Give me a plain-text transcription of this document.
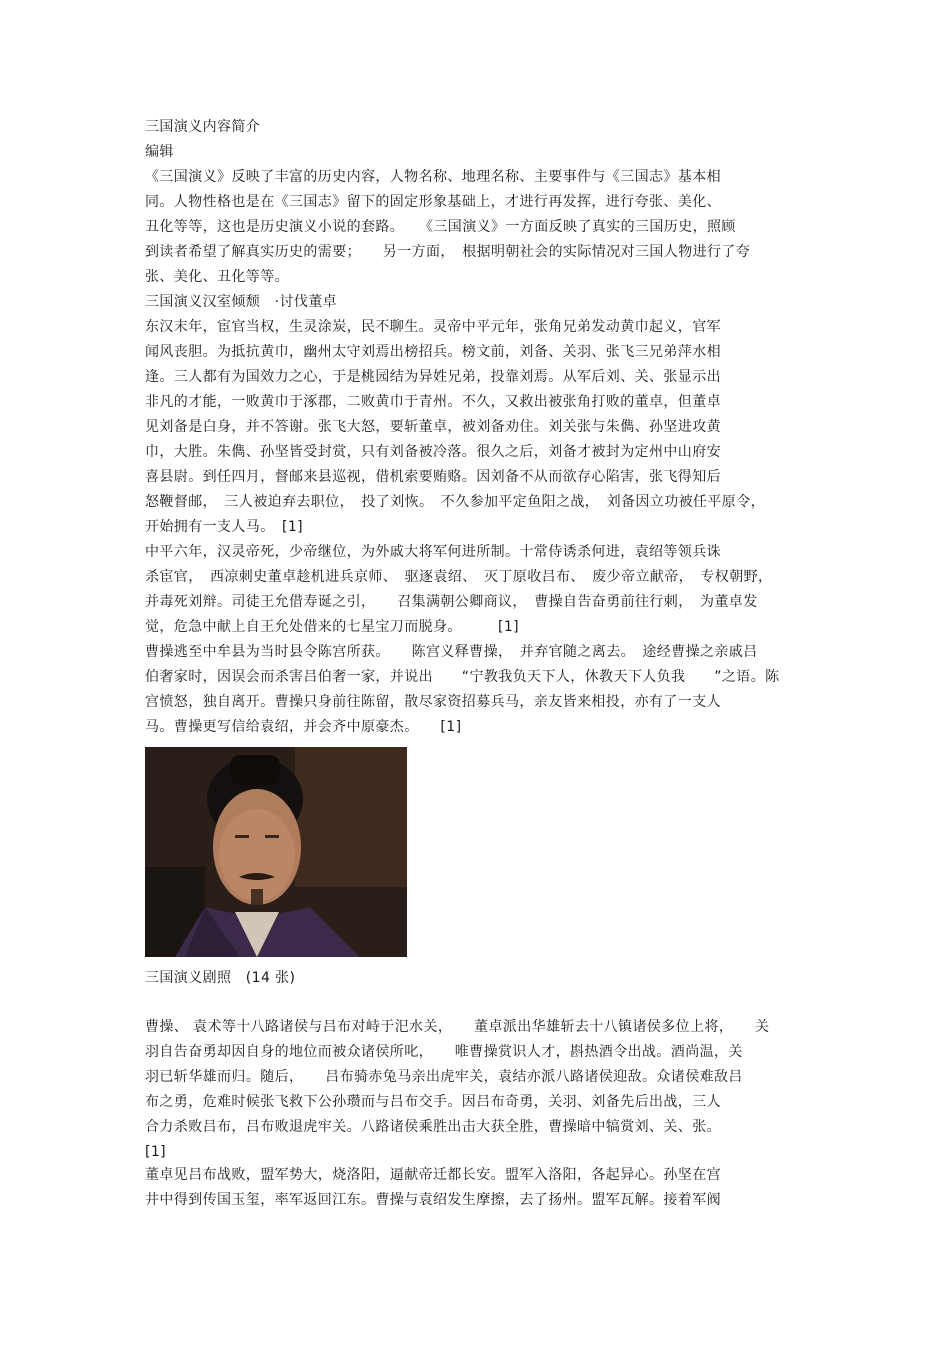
三国演义内容简介
编辑
《三国演义》反映了丰富的历史内容，人物名称、地理名称、主要事件与《三国志》基本相
同。人物性格也是在《三国志》留下的固定形象基础上，才进行再发挥，进行夸张、美化、
丑化等等，这也是历史演义小说的套路。　　《三国演义》一方面反映了真实的三国历史，照顾
到读者希望了解真实历史的需要；　　另一方面，　根据明朝社会的实际情况对三国人物进行了夸
张、美化、丑化等等。
三国演义汉室倾颓　·讨伐董卓
东汉末年，宦官当权，生灵涂炭，民不聊生。灵帝中平元年，张角兄弟发动黄巾起义，官军
闻风丧胆。为抵抗黄巾，幽州太守刘焉出榜招兵。榜文前，刘备、关羽、张飞三兄弟萍水相
逢。三人都有为国效力之心，于是桃园结为异姓兄弟，投靠刘焉。从军后刘、关、张显示出
非凡的才能，一败黄巾于涿郡，二败黄巾于青州。不久，又救出被张角打败的董卓，但董卓
见刘备是白身，并不答谢。张飞大怒，要斩董卓，被刘备劝住。刘关张与朱儁、孙坚进攻黄
巾，大胜。朱儁、孙坚皆受封赏，只有刘备被冷落。很久之后，刘备才被封为定州中山府安
喜县尉。到任四月，督邮来县巡视，借机索要贿赂。因刘备不从而欲存心陷害，张飞得知后
怒鞭督邮，　三人被迫弃去职位，　投了刘恢。　不久参加平定鱼阳之战，　刘备因立功被任平原令，
开始拥有一支人马。　[1]
中平六年，汉灵帝死，少帝继位，为外戚大将军何进所制。十常侍诱杀何进，袁绍等领兵诛
杀宦官，　西凉刺史董卓趁机进兵京师、　驱逐袁绍、　灭丁原收吕布、　废少帝立献帝，　专权朝野，
并毒死刘辩。司徒王允借寿诞之引，　　召集满朝公卿商议，　曹操自告奋勇前往行刺，　为董卓发
觉，危急中献上自王允处借来的七星宝刀而脱身。　　　[1]
曹操逃至中牟县为当时县令陈宫所获。　　陈宫义释曹操，　并弃官随之离去。　途经曹操之亲戚吕
伯奢家时，因误会而杀害吕伯奢一家，并说出　　“宁教我负天下人，休教天下人负我　　”之语。陈
宫愤怒，独自离开。曹操只身前往陈留，散尽家资招募兵马，亲友皆来相投，亦有了一支人
马。曹操更写信给袁绍，并会齐中原豪杰。　　[1]
三国演义剧照　(14 张)
曹操、 袁术等十八路诸侯与吕布对峙于汜水关，　　董卓派出华雄斩去十八镇诸侯多位上将，　　关
羽自告奋勇却因自身的地位而被众诸侯所叱，　　唯曹操赏识人才，斟热酒令出战。酒尚温，关
羽已斩华雄而归。随后，　　吕布骑赤兔马亲出虎牢关，袁结亦派八路诸侯迎敌。众诸侯难敌吕
布之勇，危难时候张飞救下公孙瓒而与吕布交手。因吕布奇勇，关羽、刘备先后出战，三人
合力杀败吕布，吕布败退虎牢关。八路诸侯乘胜出击大获全胜，曹操暗中犒赏刘、关、张。
[1]
董卓见吕布战败，盟军势大，烧洛阳，逼献帝迁都长安。盟军入洛阳，各起异心。孙坚在宫
井中得到传国玉玺，率军返回江东。曹操与袁绍发生摩擦，去了扬州。盟军瓦解。接着军阀
